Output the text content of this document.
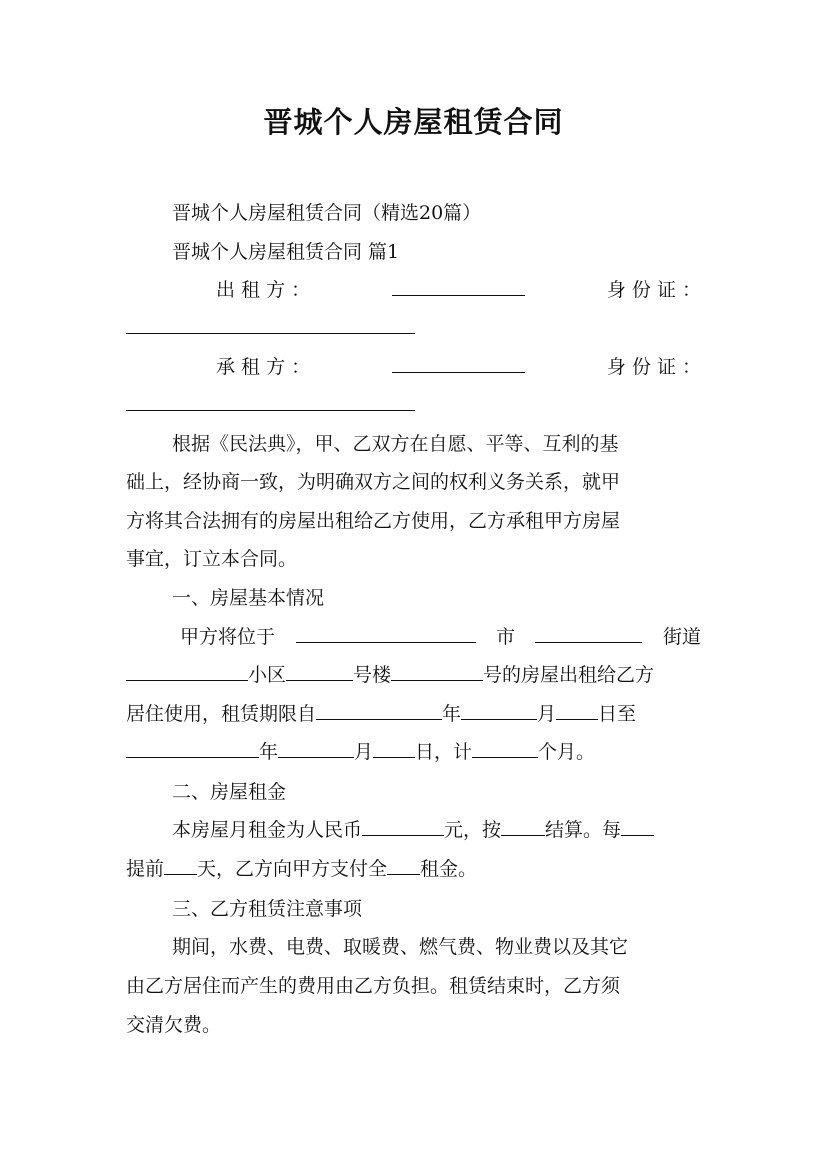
晋城个人房屋租赁合同
晋城个人房屋租赁合同（精选20篇）
晋城个人房屋租赁合同 篇1
出 租 方 ：	身 份 证 ：
承 租 方 ：	身 份 证 ：
根据《民法典》，甲、乙双方在自愿、平等、互利的基
础上，经协商一致，为明确双方之间的权利义务关系，就甲
方将其合法拥有的房屋出租给乙方使用，乙方承租甲方房屋
事宜，订立本合同。
一、房屋基本情况
甲方将位于	市	街道
小区	号楼	号的房屋出租给乙方
居住使用，租赁期限自	年	月 日至
年	月 日，计	个月。
二、房屋租金
本房屋月租金为人民币	元，按 结算。每
提前 天，乙方向甲方支付全 租金。
三、乙方租赁注意事项
期间，水费、电费、取暖费、燃气费、物业费以及其它
由乙方居住而产生的费用由乙方负担。租赁结束时，乙方须
交清欠费。
